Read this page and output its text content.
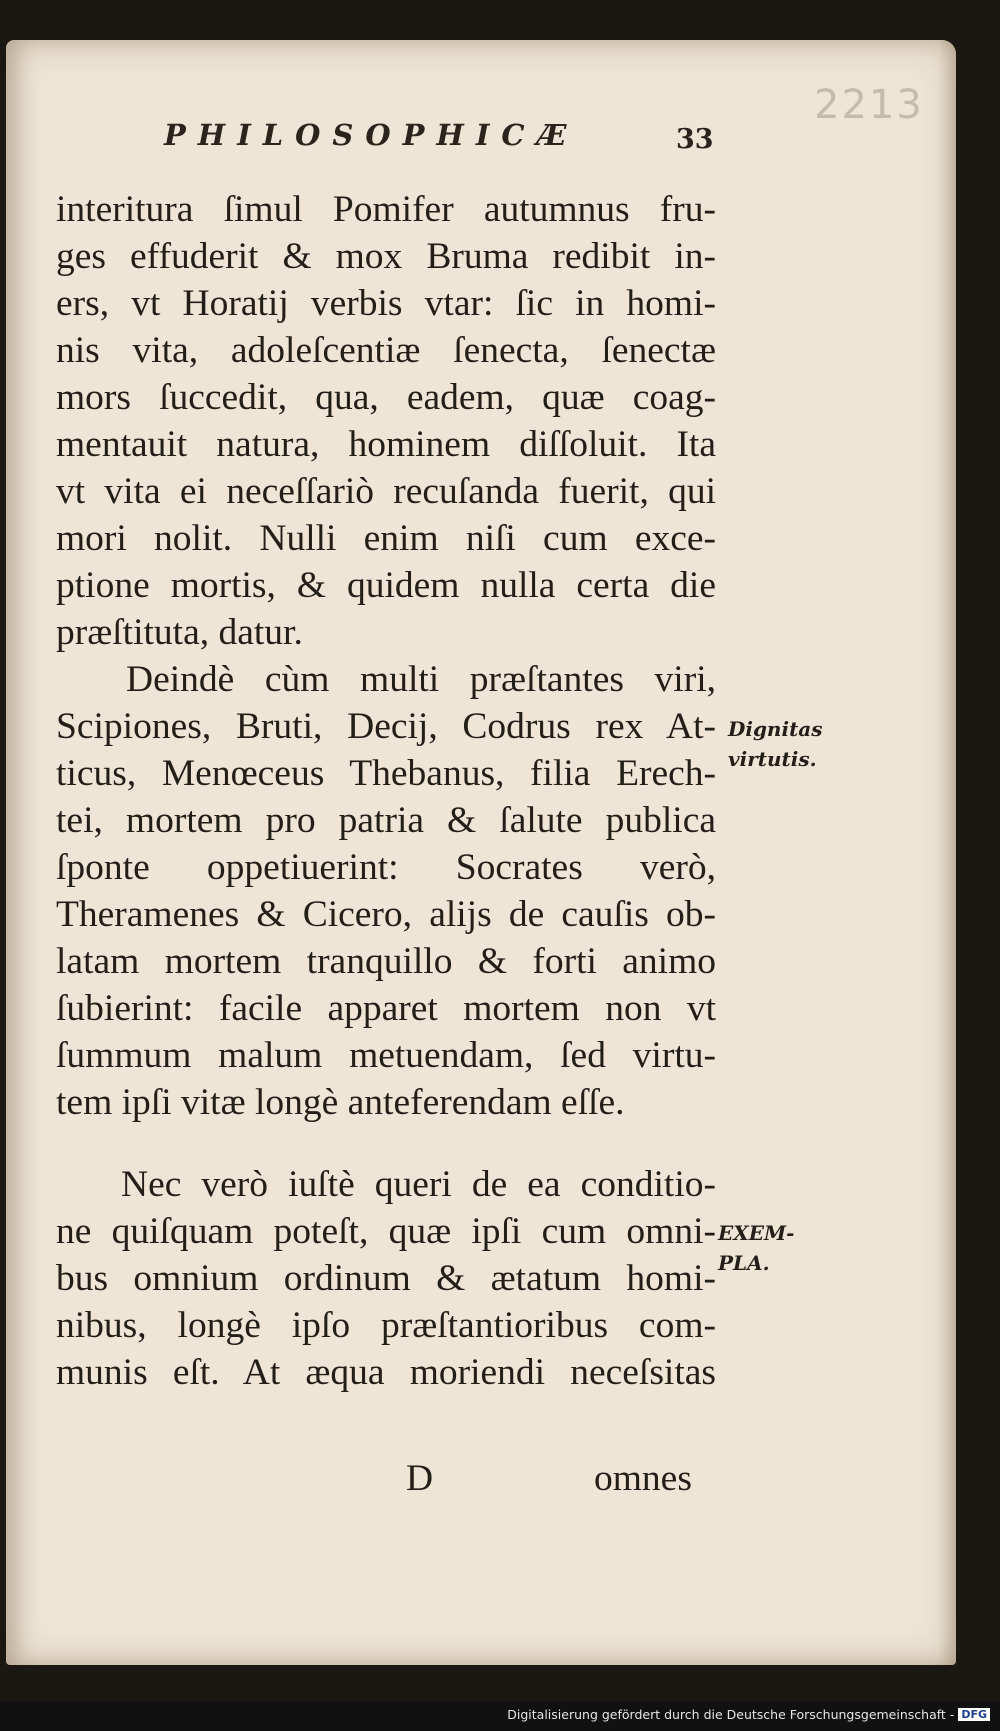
PHILOSOPHICÆ	33
2213
interitura ſimul Pomifer autumnus fru-
ges effuderit & mox Bruma redibit in-
ers, vt Horatij verbis vtar: ſic in homi-
nis vita, adoleſcentiæ ſenecta, ſenectæ
mors ſuccedit, qua, eadem, quæ coag-
mentauit natura, hominem diſſoluit. Ita
vt vita ei neceſſariò recuſanda fuerit, qui
mori nolit. Nulli enim niſi cum exce-
ptione mortis, & quidem nulla certa die
præſtituta, datur.
Deindè cùm multi præſtantes viri,
Scipiones, Bruti, Decij, Codrus rex At-
ticus, Menœceus Thebanus, filia Erech-
tei, mortem pro patria & ſalute publica
ſponte oppetiuerint: Socrates verò,
Theramenes & Cicero, alijs de cauſis ob-
latam mortem tranquillo & forti animo
ſubierint: facile apparet mortem non vt
ſummum malum metuendam, ſed virtu-
tem ipſi vitæ longè anteferendam eſſe.
Nec verò iuſtè queri de ea conditio-
ne quiſquam poteſt, quæ ipſi cum omni-
bus omnium ordinum & ætatum homi-
nibus, longè ipſo præſtantioribus com-
munis eſt. At æqua moriendi neceſsitas
Dignitas
virtutis.
EXEM-
PLA.
D	omnes
Digitalisierung gefördert durch die Deutsche Forschungsgemeinschaft - DFG
